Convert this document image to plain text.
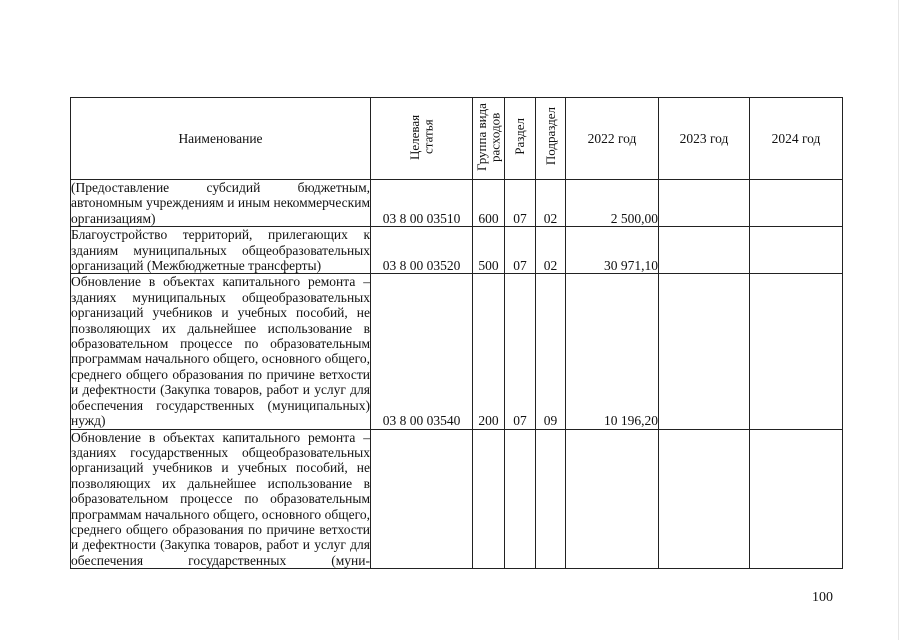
Наименование	Целевая статья	Группа вида расходов	Раздел	Подраздел	2022 год	2023 год	2024 год
(Предоставление субсидий бюджетным, автономным учреждениям и иным некоммерческим организациям)	03 8 00 03510	600	07	02	2 500,00		
Благоустройство территорий, прилегающих к зданиям муниципальных общеобразовательных организаций (Межбюджетные трансферты)	03 8 00 03520	500	07	02	30 971,10		
Обновление в объектах капитального ремонта – зданиях муниципальных общеобразовательных организаций учебников и учебных пособий, не позволяющих их дальнейшее использование в образовательном процессе по образовательным программам начального общего, основного общего, среднего общего образования по причине ветхости и дефектности (Закупка товаров, работ и услуг для обеспечения государственных (муниципальных) нужд)	03 8 00 03540	200	07	09	10 196,20		
Обновление в объектах капитального ремонта – зданиях государственных общеобразовательных организаций учебников и учебных пособий, не позволяющих их дальнейшее использование в образовательном процессе по образовательным программам начального общего, основного общего, среднего общего образования по причине ветхости и дефектности (Закупка товаров, работ и услуг для обеспечения государственных (муни-							
100
